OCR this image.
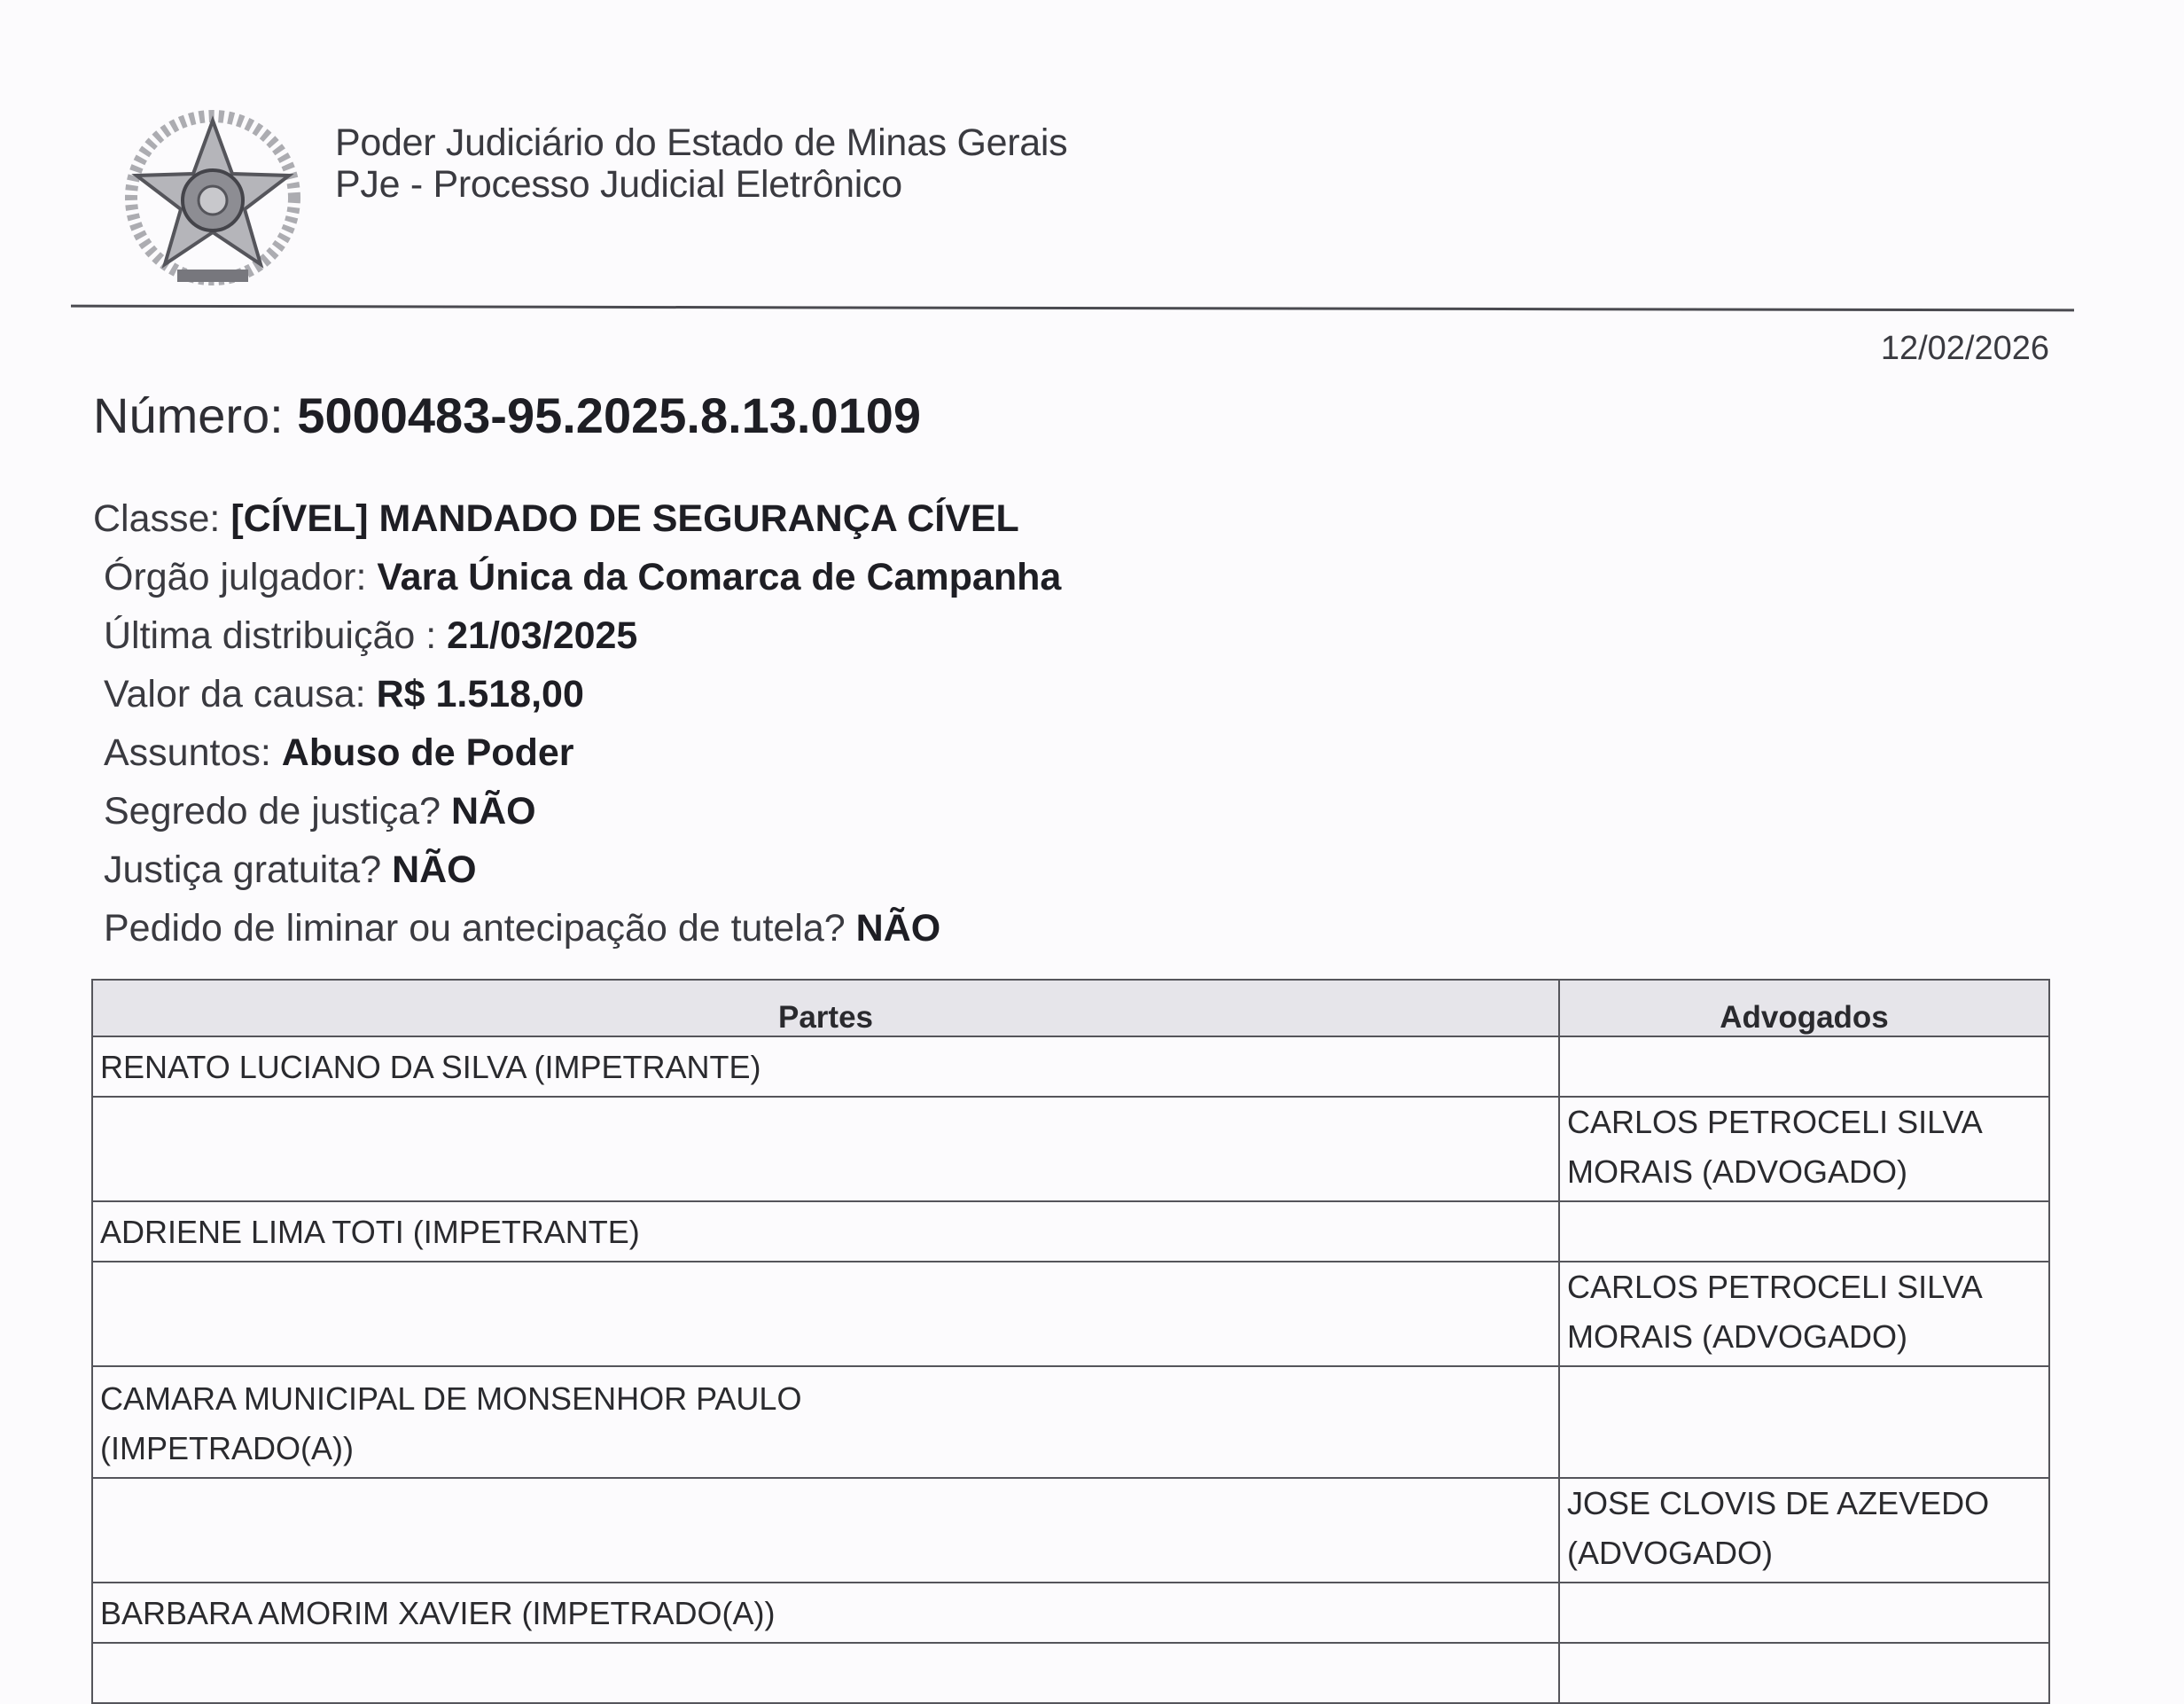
Poder Judiciário do Estado de Minas Gerais
PJe - Processo Judicial Eletrônico
12/02/2026
Número: 5000483-95.2025.8.13.0109
Classe: [CÍVEL] MANDADO DE SEGURANÇA CÍVEL
Órgão julgador: Vara Única da Comarca de Campanha
Última distribuição : 21/03/2025
Valor da causa: R$ 1.518,00
Assuntos: Abuso de Poder
Segredo de justiça? NÃO
Justiça gratuita? NÃO
Pedido de liminar ou antecipação de tutela? NÃO
Partes	Advogados
RENATO LUCIANO DA SILVA (IMPETRANTE)	
	CARLOS PETROCELI SILVA MORAIS (ADVOGADO)
ADRIENE LIMA TOTI (IMPETRANTE)	
	CARLOS PETROCELI SILVA MORAIS (ADVOGADO)
CAMARA MUNICIPAL DE MONSENHOR PAULO (IMPETRADO(A))	
	JOSE CLOVIS DE AZEVEDO (ADVOGADO)
BARBARA AMORIM XAVIER (IMPETRADO(A))	
